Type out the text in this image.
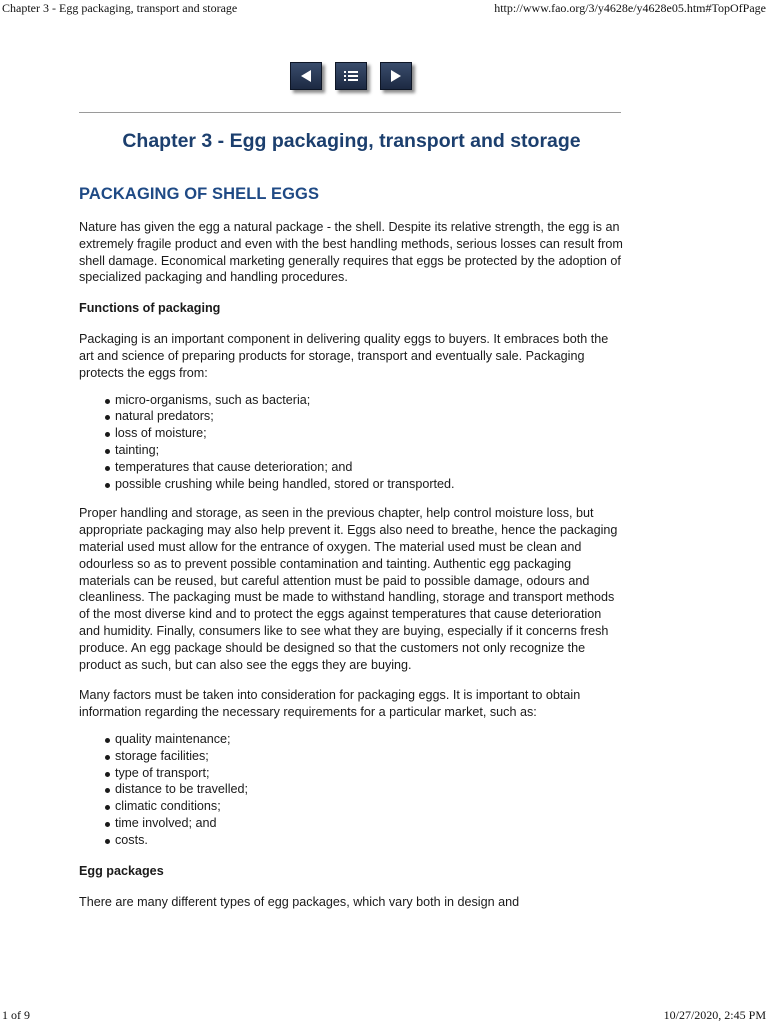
Chapter 3 - Egg packaging, transport and storage	http://www.fao.org/3/y4628e/y4628e05.htm#TopOfPage
Chapter 3 - Egg packaging, transport and storage
PACKAGING OF SHELL EGGS

Nature has given the egg a natural package - the shell. Despite its relative strength, the egg is an extremely fragile product and even with the best handling methods, serious losses can result from shell damage. Economical marketing generally requires that eggs be protected by the adoption of specialized packaging and handling procedures.

Functions of packaging

Packaging is an important component in delivering quality eggs to buyers. It embraces both the art and science of preparing products for storage, transport and eventually sale. Packaging protects the eggs from:

micro-organisms, such as bacteria;
natural predators;
loss of moisture;
tainting;
temperatures that cause deterioration; and
possible crushing while being handled, stored or transported.

Proper handling and storage, as seen in the previous chapter, help control moisture loss, but appropriate packaging may also help prevent it. Eggs also need to breathe, hence the packaging material used must allow for the entrance of oxygen. The material used must be clean and odourless so as to prevent possible contamination and tainting. Authentic egg packaging materials can be reused, but careful attention must be paid to possible damage, odours and cleanliness. The packaging must be made to withstand handling, storage and transport methods of the most diverse kind and to protect the eggs against temperatures that cause deterioration and humidity. Finally, consumers like to see what they are buying, especially if it concerns fresh produce. An egg package should be designed so that the customers not only recognize the product as such, but can also see the eggs they are buying.

Many factors must be taken into consideration for packaging eggs. It is important to obtain information regarding the necessary requirements for a particular market, such as:

quality maintenance;
storage facilities;
type of transport;
distance to be travelled;
climatic conditions;
time involved; and
costs.
Egg packages

There are many different types of egg packages, which vary both in design and

1 of 9	10/27/2020, 2:45 PM
